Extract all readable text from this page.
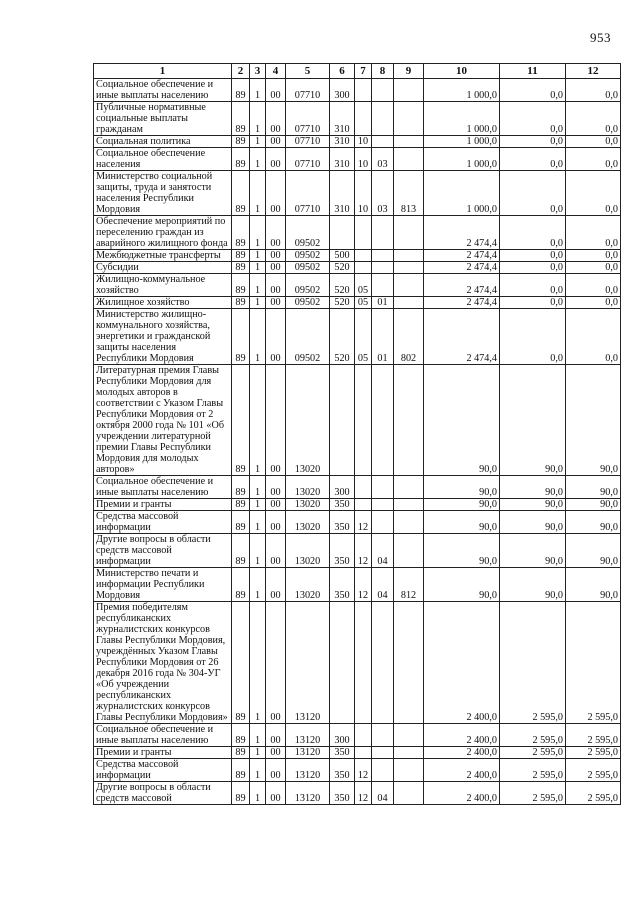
953
1	2	3	4	5	6	7	8	9	10	11	12
Социальное обеспечение и иные выплаты населению	89	1	00	07710	300				1 000,0	0,0	0,0
Публичные нормативные социальные выплаты гражданам	89	1	00	07710	310				1 000,0	0,0	0,0
Социальная политика	89	1	00	07710	310	10			1 000,0	0,0	0,0
Социальное обеспечение населения	89	1	00	07710	310	10	03		1 000,0	0,0	0,0
Министерство социальной защиты, труда и занятости населения Республики Мордовия	89	1	00	07710	310	10	03	813	1 000,0	0,0	0,0
Обеспечение мероприятий по переселению граждан из аварийного жилищного фонда	89	1	00	09502					2 474,4	0,0	0,0
Межбюджетные трансферты	89	1	00	09502	500				2 474,4	0,0	0,0
Субсидии	89	1	00	09502	520				2 474,4	0,0	0,0
Жилищно-коммунальное хозяйство	89	1	00	09502	520	05			2 474,4	0,0	0,0
Жилищное хозяйство	89	1	00	09502	520	05	01		2 474,4	0,0	0,0
Министерство жилищно-коммунального хозяйства, энергетики и гражданской защиты населения Республики Мордовия	89	1	00	09502	520	05	01	802	2 474,4	0,0	0,0
Литературная премия Главы Республики Мордовия для молодых авторов в соответствии с Указом Главы Республики Мордовия от 2 октября 2000 года № 101 «Об учреждении литературной премии Главы Республики Мордовия для молодых авторов»	89	1	00	13020					90,0	90,0	90,0
Социальное обеспечение и иные выплаты населению	89	1	00	13020	300				90,0	90,0	90,0
Премии и гранты	89	1	00	13020	350				90,0	90,0	90,0
Средства массовой информации	89	1	00	13020	350	12			90,0	90,0	90,0
Другие вопросы в области средств массовой информации	89	1	00	13020	350	12	04		90,0	90,0	90,0
Министерство печати и информации Республики Мордовия	89	1	00	13020	350	12	04	812	90,0	90,0	90,0
Премия победителям республиканских журналистских конкурсов Главы Республики Мордовия, учреждённых Указом Главы Республики Мордовия от 26 декабря 2016 года № 304-УГ «Об учреждении республиканских журналистских конкурсов Главы Республики Мордовия»	89	1	00	13120					2 400,0	2 595,0	2 595,0
Социальное обеспечение и иные выплаты населению	89	1	00	13120	300				2 400,0	2 595,0	2 595,0
Премии и гранты	89	1	00	13120	350				2 400,0	2 595,0	2 595,0
Средства массовой информации	89	1	00	13120	350	12			2 400,0	2 595,0	2 595,0
Другие вопросы в области средств массовой	89	1	00	13120	350	12	04		2 400,0	2 595,0	2 595,0
